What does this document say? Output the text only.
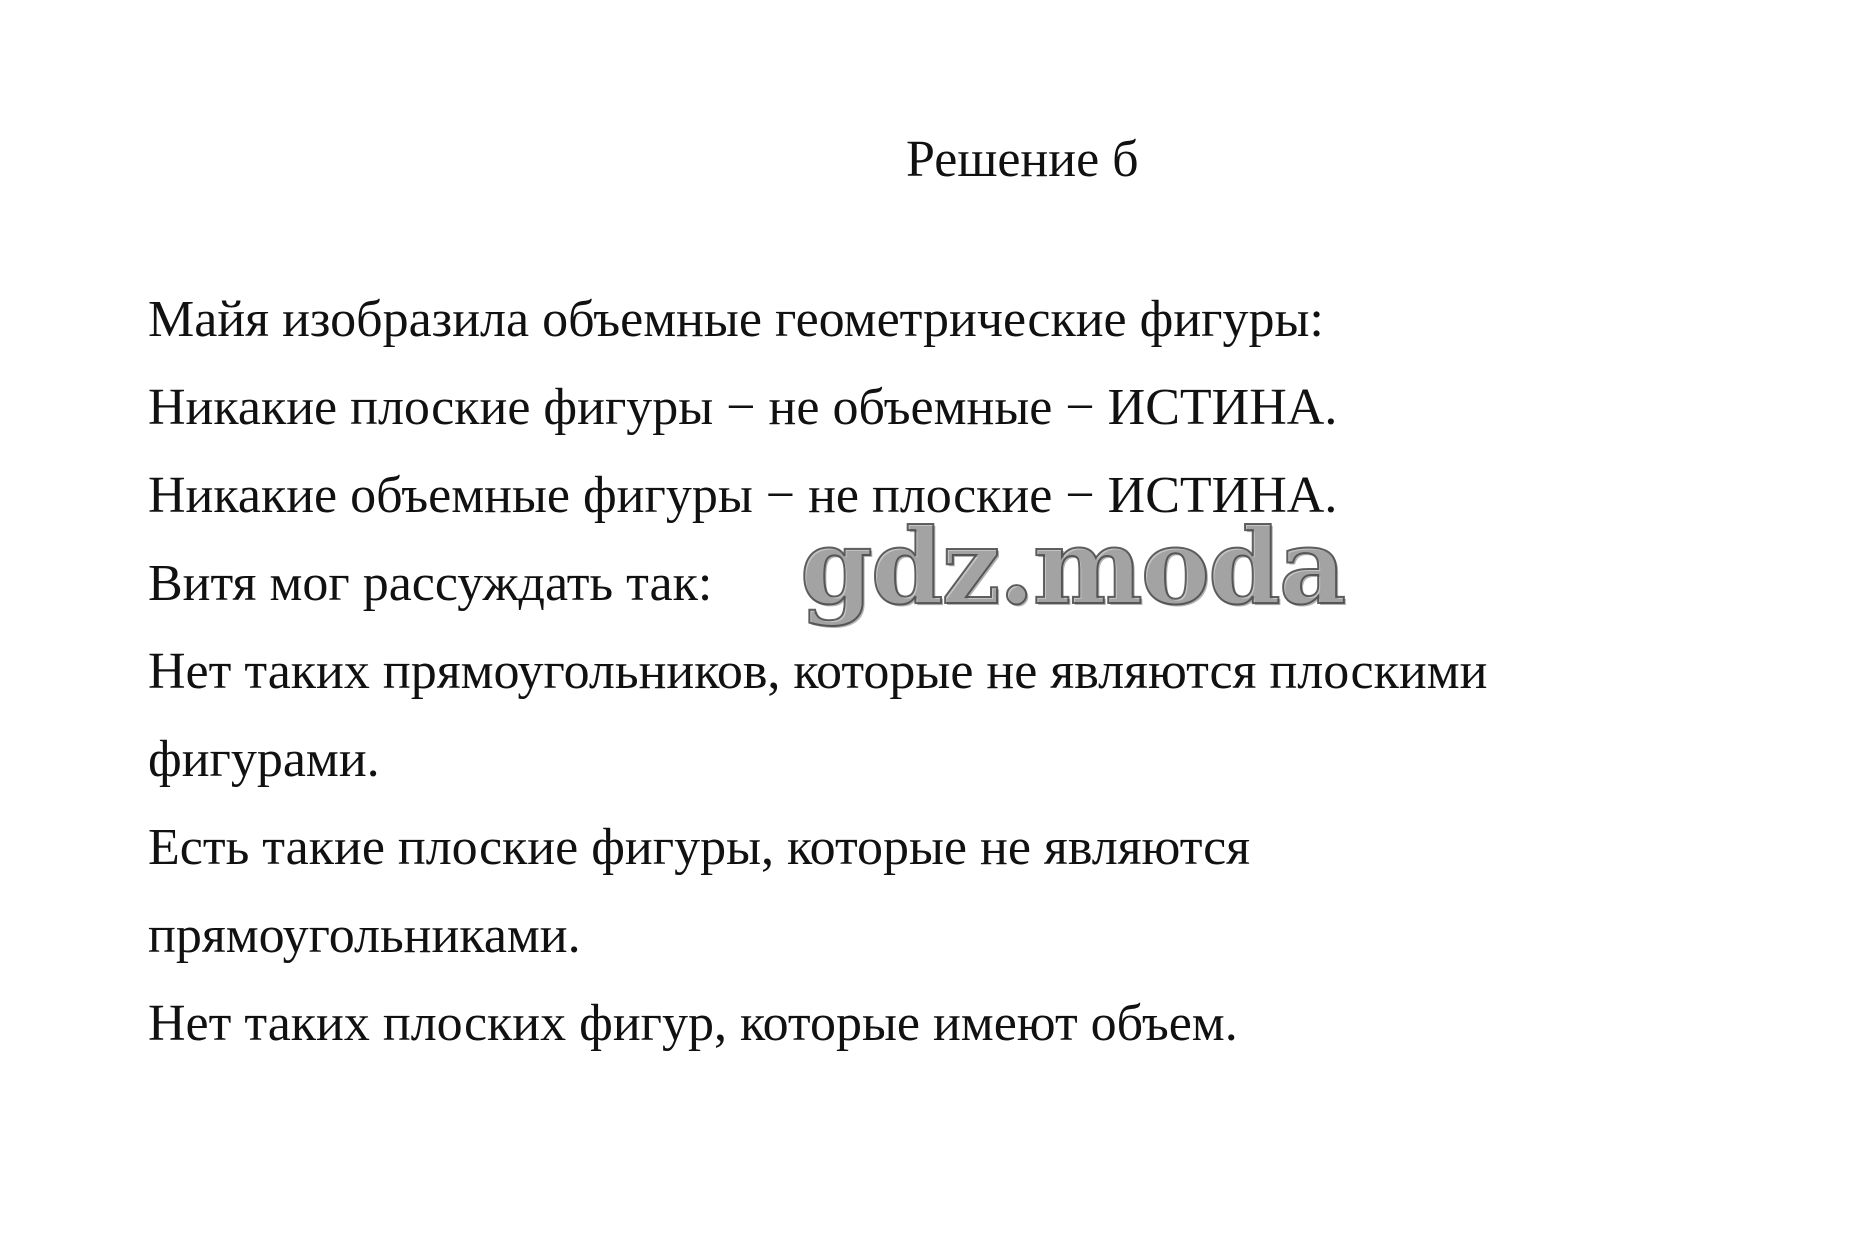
Решение б
Майя изобразила объемные геометрические фигуры:
Никакие плоские фигуры − не объемные − ИСТИНА.
Никакие объемные фигуры − не плоские − ИСТИНА.
Витя мог рассуждать так:
Нет таких прямоугольников, которые не являются плоскими
фигурами.
Есть такие плоские фигуры, которые не являются
прямоугольниками.
Нет таких плоских фигур, которые имеют объем.
gdz.moda
